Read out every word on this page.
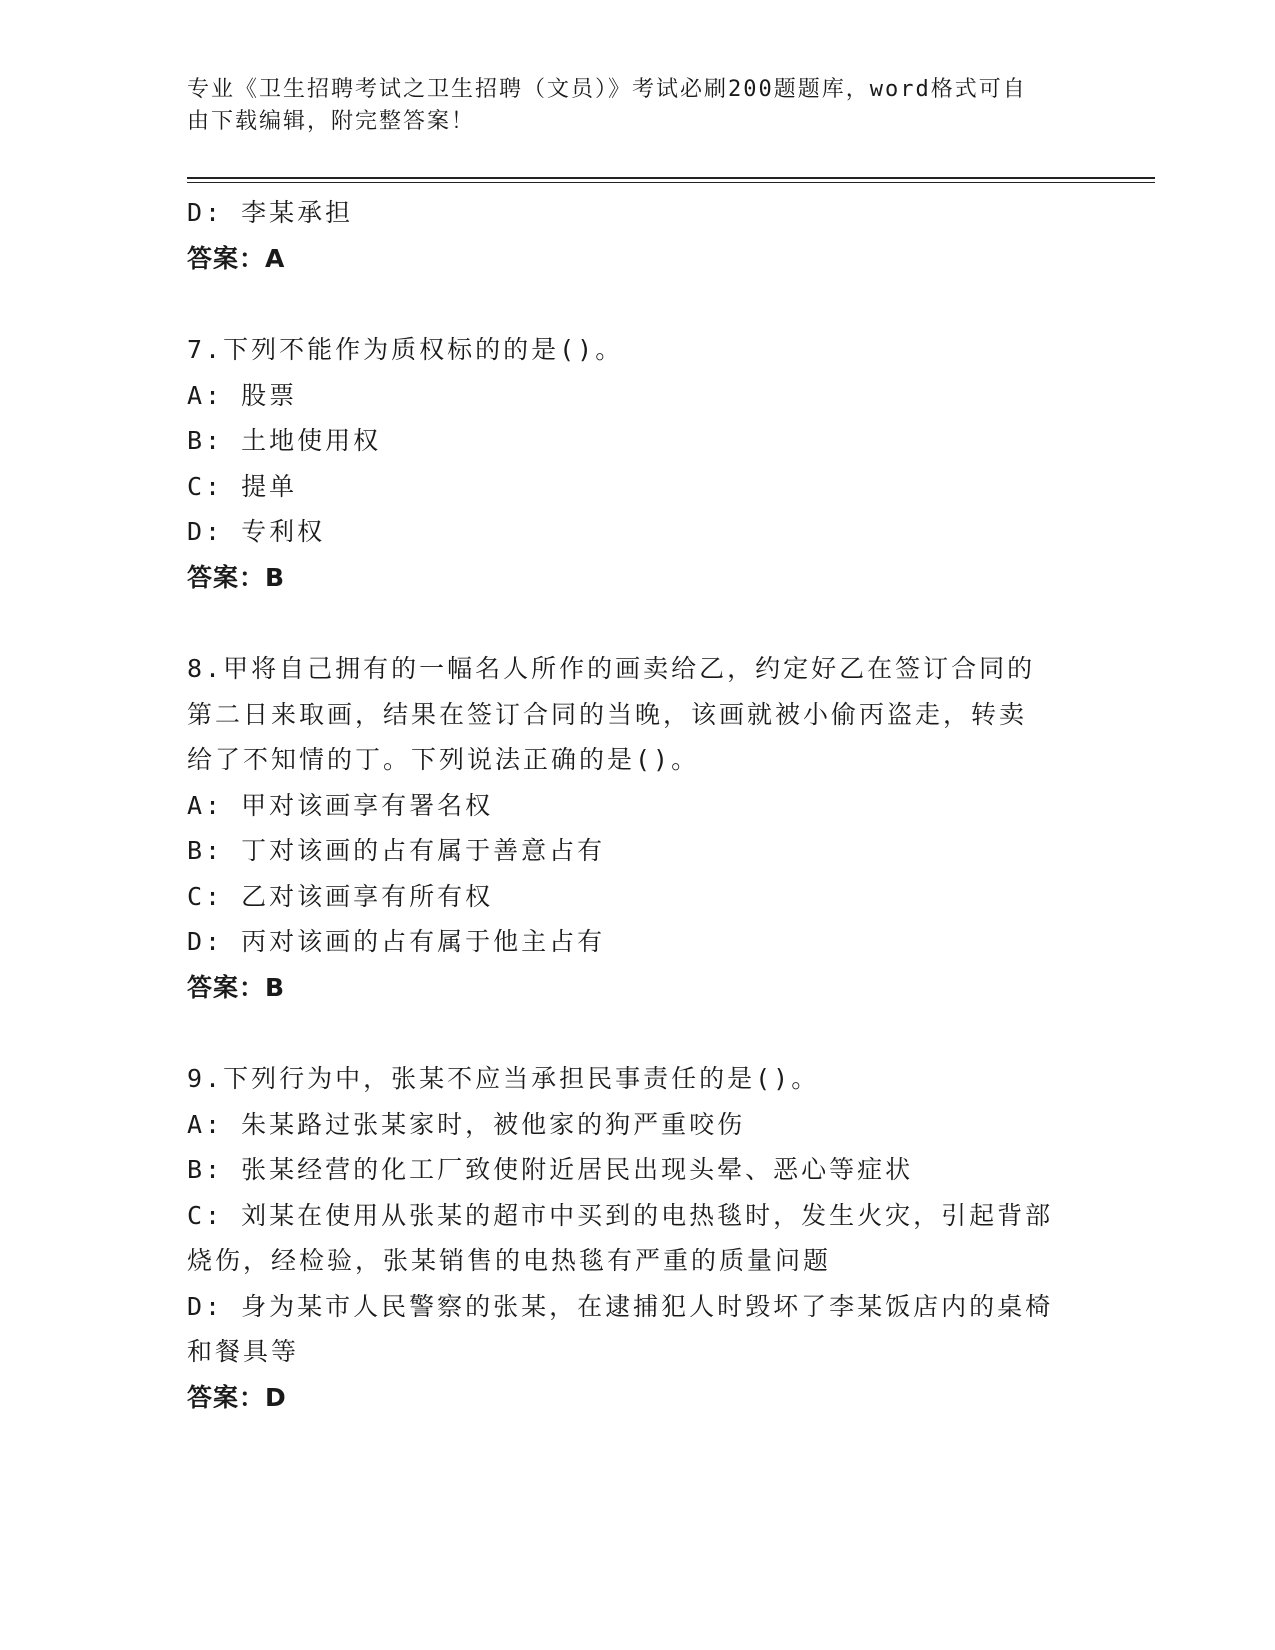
专业《卫生招聘考试之卫生招聘（文员）》考试必刷200题题库，word格式可自
由下载编辑，附完整答案！
D: 李某承担
答案：A
7.下列不能作为质权标的的是()。
A: 股票
B: 土地使用权
C: 提单
D: 专利权
答案：B
8.甲将自己拥有的一幅名人所作的画卖给乙，约定好乙在签订合同的
第二日来取画，结果在签订合同的当晚，该画就被小偷丙盗走，转卖
给了不知情的丁。下列说法正确的是()。
A: 甲对该画享有署名权
B: 丁对该画的占有属于善意占有
C: 乙对该画享有所有权
D: 丙对该画的占有属于他主占有
答案：B
9.下列行为中，张某不应当承担民事责任的是()。
A: 朱某路过张某家时，被他家的狗严重咬伤
B: 张某经营的化工厂致使附近居民出现头晕、恶心等症状
C: 刘某在使用从张某的超市中买到的电热毯时，发生火灾，引起背部
烧伤，经检验，张某销售的电热毯有严重的质量问题
D: 身为某市人民警察的张某，在逮捕犯人时毁坏了李某饭店内的桌椅
和餐具等
答案：D
